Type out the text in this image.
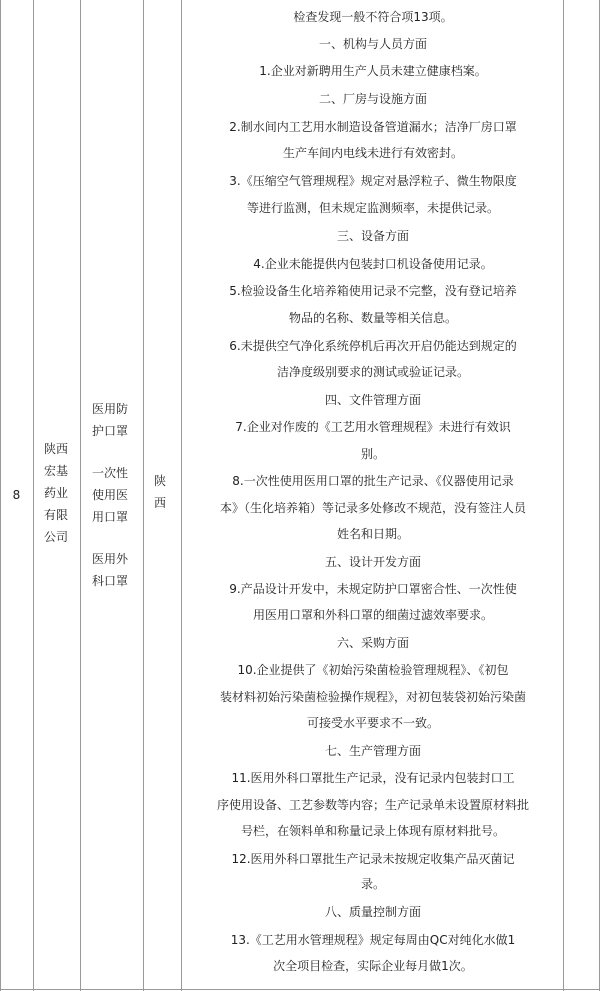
8
陕西
宏基
药业
有限
公司
医用防
护口罩
一次性
使用医
用口罩
医用外
科口罩
陕
西
检查发现一般不符合项13项。
一、机构与人员方面
1.企业对新聘用生产人员未建立健康档案。
二、厂房与设施方面
2.制水间内工艺用水制造设备管道漏水；洁净厂房口罩
生产车间内电线未进行有效密封。
3.《压缩空气管理规程》规定对悬浮粒子、微生物限度
等进行监测，但未规定监测频率，未提供记录。
三、设备方面
4.企业未能提供内包装封口机设备使用记录。
5.检验设备生化培养箱使用记录不完整，没有登记培养
物品的名称、数量等相关信息。
6.未提供空气净化系统停机后再次开启仍能达到规定的
洁净度级别要求的测试或验证记录。
四、文件管理方面
7.企业对作废的《工艺用水管理规程》未进行有效识
别。
8.一次性使用医用口罩的批生产记录、《仪器使用记录
本》（生化培养箱）等记录多处修改不规范，没有签注人员
姓名和日期。
五、设计开发方面
9.产品设计开发中，未规定防护口罩密合性、一次性使
用医用口罩和外科口罩的细菌过滤效率要求。
六、采购方面
10.企业提供了《初始污染菌检验管理规程》、《初包
装材料初始污染菌检验操作规程》，对初包装袋初始污染菌
可接受水平要求不一致。
七、生产管理方面
11.医用外科口罩批生产记录，没有记录内包装封口工
序使用设备、工艺参数等内容；生产记录单未设置原材料批
号栏，在领料单和称量记录上体现有原材料批号。
12.医用外科口罩批生产记录未按规定收集产品灭菌记
录。
八、质量控制方面
13.《工艺用水管理规程》规定每周由QC对纯化水做1
次全项目检查，实际企业每月做1次。
